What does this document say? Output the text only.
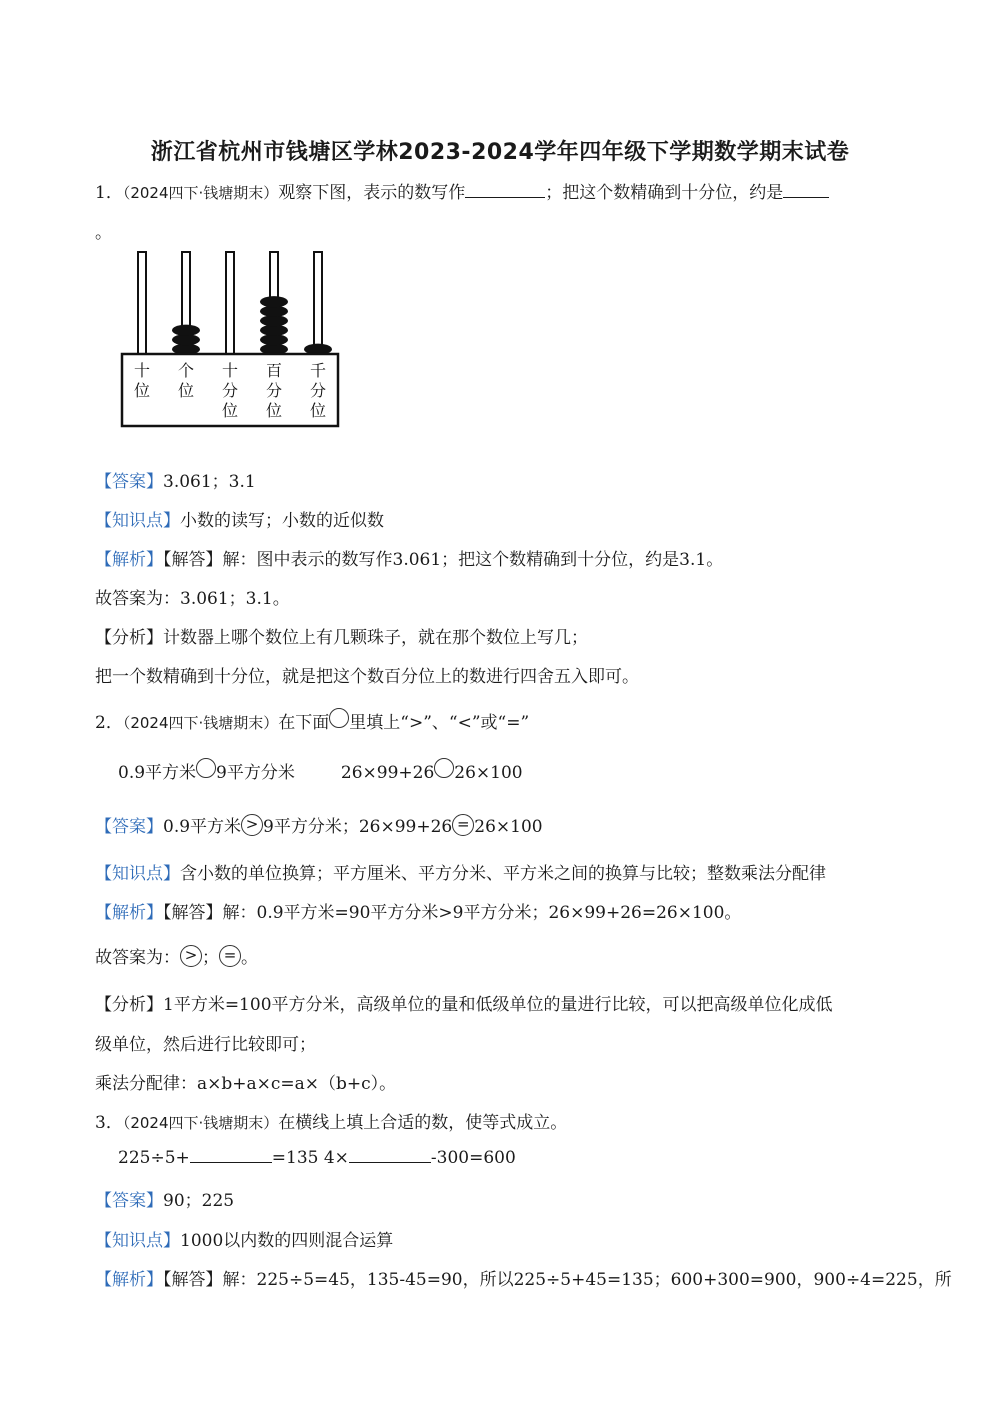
浙江省杭州市钱塘区学林2023-2024学年四年级下学期数学期末试卷
1．（2024四下·钱塘期末）观察下图，表示的数写作	；把这个数精确到十分位，约是
。
十
位
个
位
十
分
位
百
分
位
千
分
位
【答案】3.061；3.1
【知识点】小数的读写；小数的近似数
【解析】【解答】解：图中表示的数写作3.061；把这个数精确到十分位，约是3.1。
故答案为：3.061；3.1。
【分析】计数器上哪个数位上有几颗珠子，就在那个数位上写几；
把一个数精确到十分位，就是把这个数百分位上的数进行四舍五入即可。
2．（2024四下·钱塘期末）在下面 里填上“>”、“<”或“=”
0.9平方米 9平方分米	26×99+26 26×100
【答案】0.9平方米 > 9平方分米；26×99+26 = 26×100
【知识点】含小数的单位换算；平方厘米、平方分米、平方米之间的换算与比较；整数乘法分配律
【解析】【解答】解：0.9平方米=90平方分米>9平方分米；26×99+26=26×100。
故答案为： > ； = 。
【分析】1平方米=100平方分米，高级单位的量和低级单位的量进行比较，可以把高级单位化成低
级单位，然后进行比较即可；
乘法分配律：a×b+a×c=a×（b+c）。
3．（2024四下·钱塘期末）在横线上填上合适的数，使等式成立。
225÷5+	=135 4×	-300=600
【答案】90；225
【知识点】1000以内数的四则混合运算
【解析】【解答】解：225÷5=45，135-45=90，所以225÷5+45=135；600+300=900，900÷4=225，所
